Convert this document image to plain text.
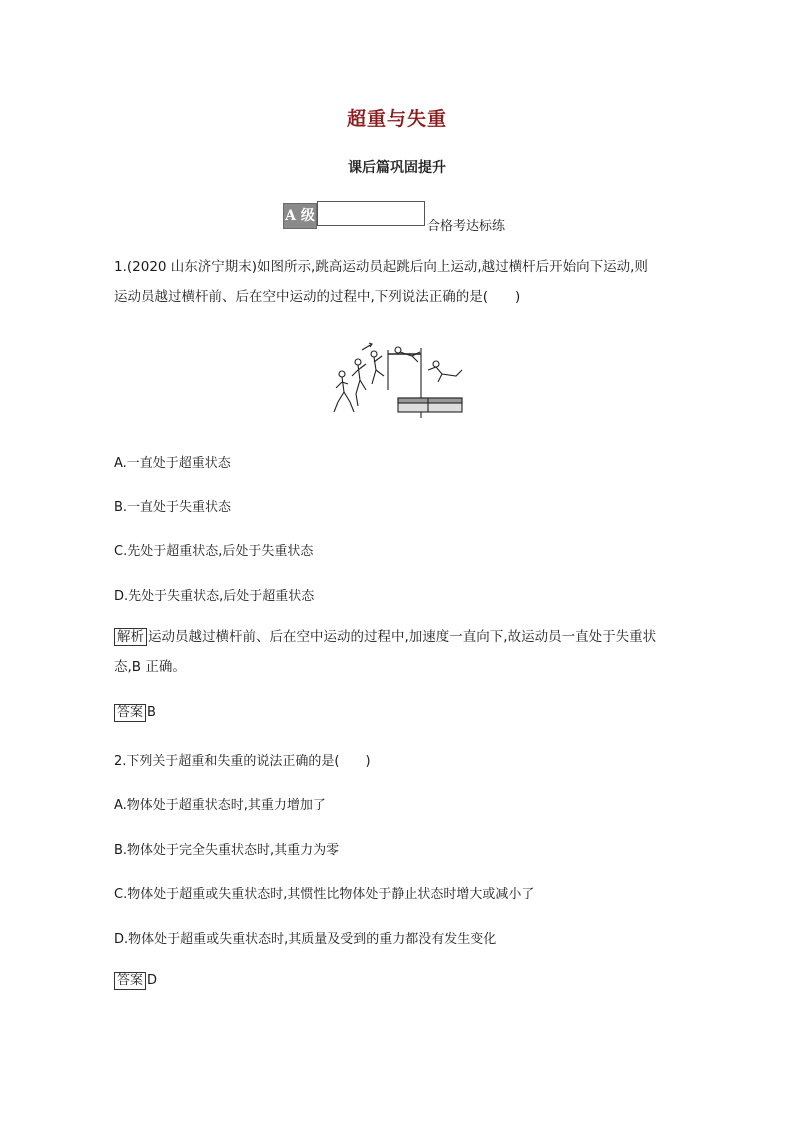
超重与失重
课后篇巩固提升
A 级
合格考达标练
1.(2020 山东济宁期末)如图所示,跳高运动员起跳后向上运动,越过横杆后开始向下运动,则
运动员越过横杆前、后在空中运动的过程中,下列说法正确的是(　　)
A.一直处于超重状态
B.一直处于失重状态
C.先处于超重状态,后处于失重状态
D.先处于失重状态,后处于超重状态
解析 运动员越过横杆前、后在空中运动的过程中,加速度一直向下,故运动员一直处于失重状
态,B 正确。
答案 B
2.下列关于超重和失重的说法正确的是(　　)
A.物体处于超重状态时,其重力增加了
B.物体处于完全失重状态时,其重力为零
C.物体处于超重或失重状态时,其惯性比物体处于静止状态时增大或减小了
D.物体处于超重或失重状态时,其质量及受到的重力都没有发生变化
答案 D
